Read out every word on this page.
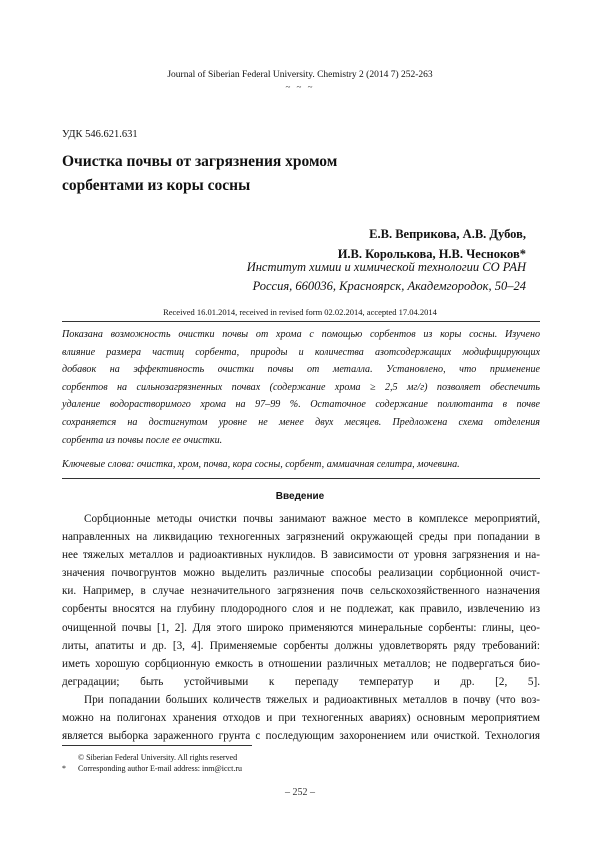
Journal of Siberian Federal University. Chemistry 2 (2014 7) 252-263
~ ~ ~
УДК 546.621.631
Очистка почвы от загрязнения хромом
сорбентами из коры сосны
Е.В. Веприкова, А.В. Дубов,
И.В. Королькова, Н.В. Чесноков*
Институт химии и химической технологии СО РАН
Россия, 660036, Красноярск, Академгородок, 50–24
Received 16.01.2014, received in revised form 02.02.2014, accepted 17.04.2014
Показана возможность очистки почвы от хрома с помощью сорбентов из коры сосны. Изучено
влияние размера частиц сорбента, природы и количества азотсодержащих модифицирующих
добавок на эффективность очистки почвы от металла. Установлено, что применение
сорбентов на сильнозагрязненных почвах (содержание хрома ≥ 2,5 мг/г) позволяет обеспечить
удаление водорастворимого хрома на 97–99 %. Остаточное содержание поллютанта в почве
сохраняется на достигнутом уровне не менее двух месяцев. Предложена схема отделения
сорбента из почвы после ее очистки.
Ключевые слова: очистка, хром, почва, кора сосны, сорбент, аммиачная селитра, мочевина.
Введение
Сорбционные методы очистки почвы занимают важное место в комплексе мероприятий,
направленных на ликвидацию техногенных загрязнений окружающей среды при попадании в
нее тяжелых металлов и радиоактивных нуклидов. В зависимости от уровня загрязнения и на-
значения почвогрунтов можно выделить различные способы реализации сорбционной очист-
ки. Например, в случае незначительного загрязнения почв сельскохозяйственного назначения
сорбенты вносятся на глубину плодородного слоя и не подлежат, как правило, извлечению из
очищенной почвы [1, 2]. Для этого широко применяются минеральные сорбенты: глины, цео-
литы, апатиты и др. [3, 4]. Применяемые сорбенты должны удовлетворять ряду требований:
иметь хорошую сорбционную емкость в отношении различных металлов; не подвергаться био-
деградации; быть устойчивыми к перепаду температур и др. [2, 5].
При попадании больших количеств тяжелых и радиоактивных металлов в почву (что воз-
можно на полигонах хранения отходов и при техногенных авариях) основным мероприятием
является выборка зараженного грунта с последующим захоронением или очисткой. Технология
© Siberian Federal University. All rights reserved
* Corresponding author E-mail address: inm@icct.ru
– 252 –
